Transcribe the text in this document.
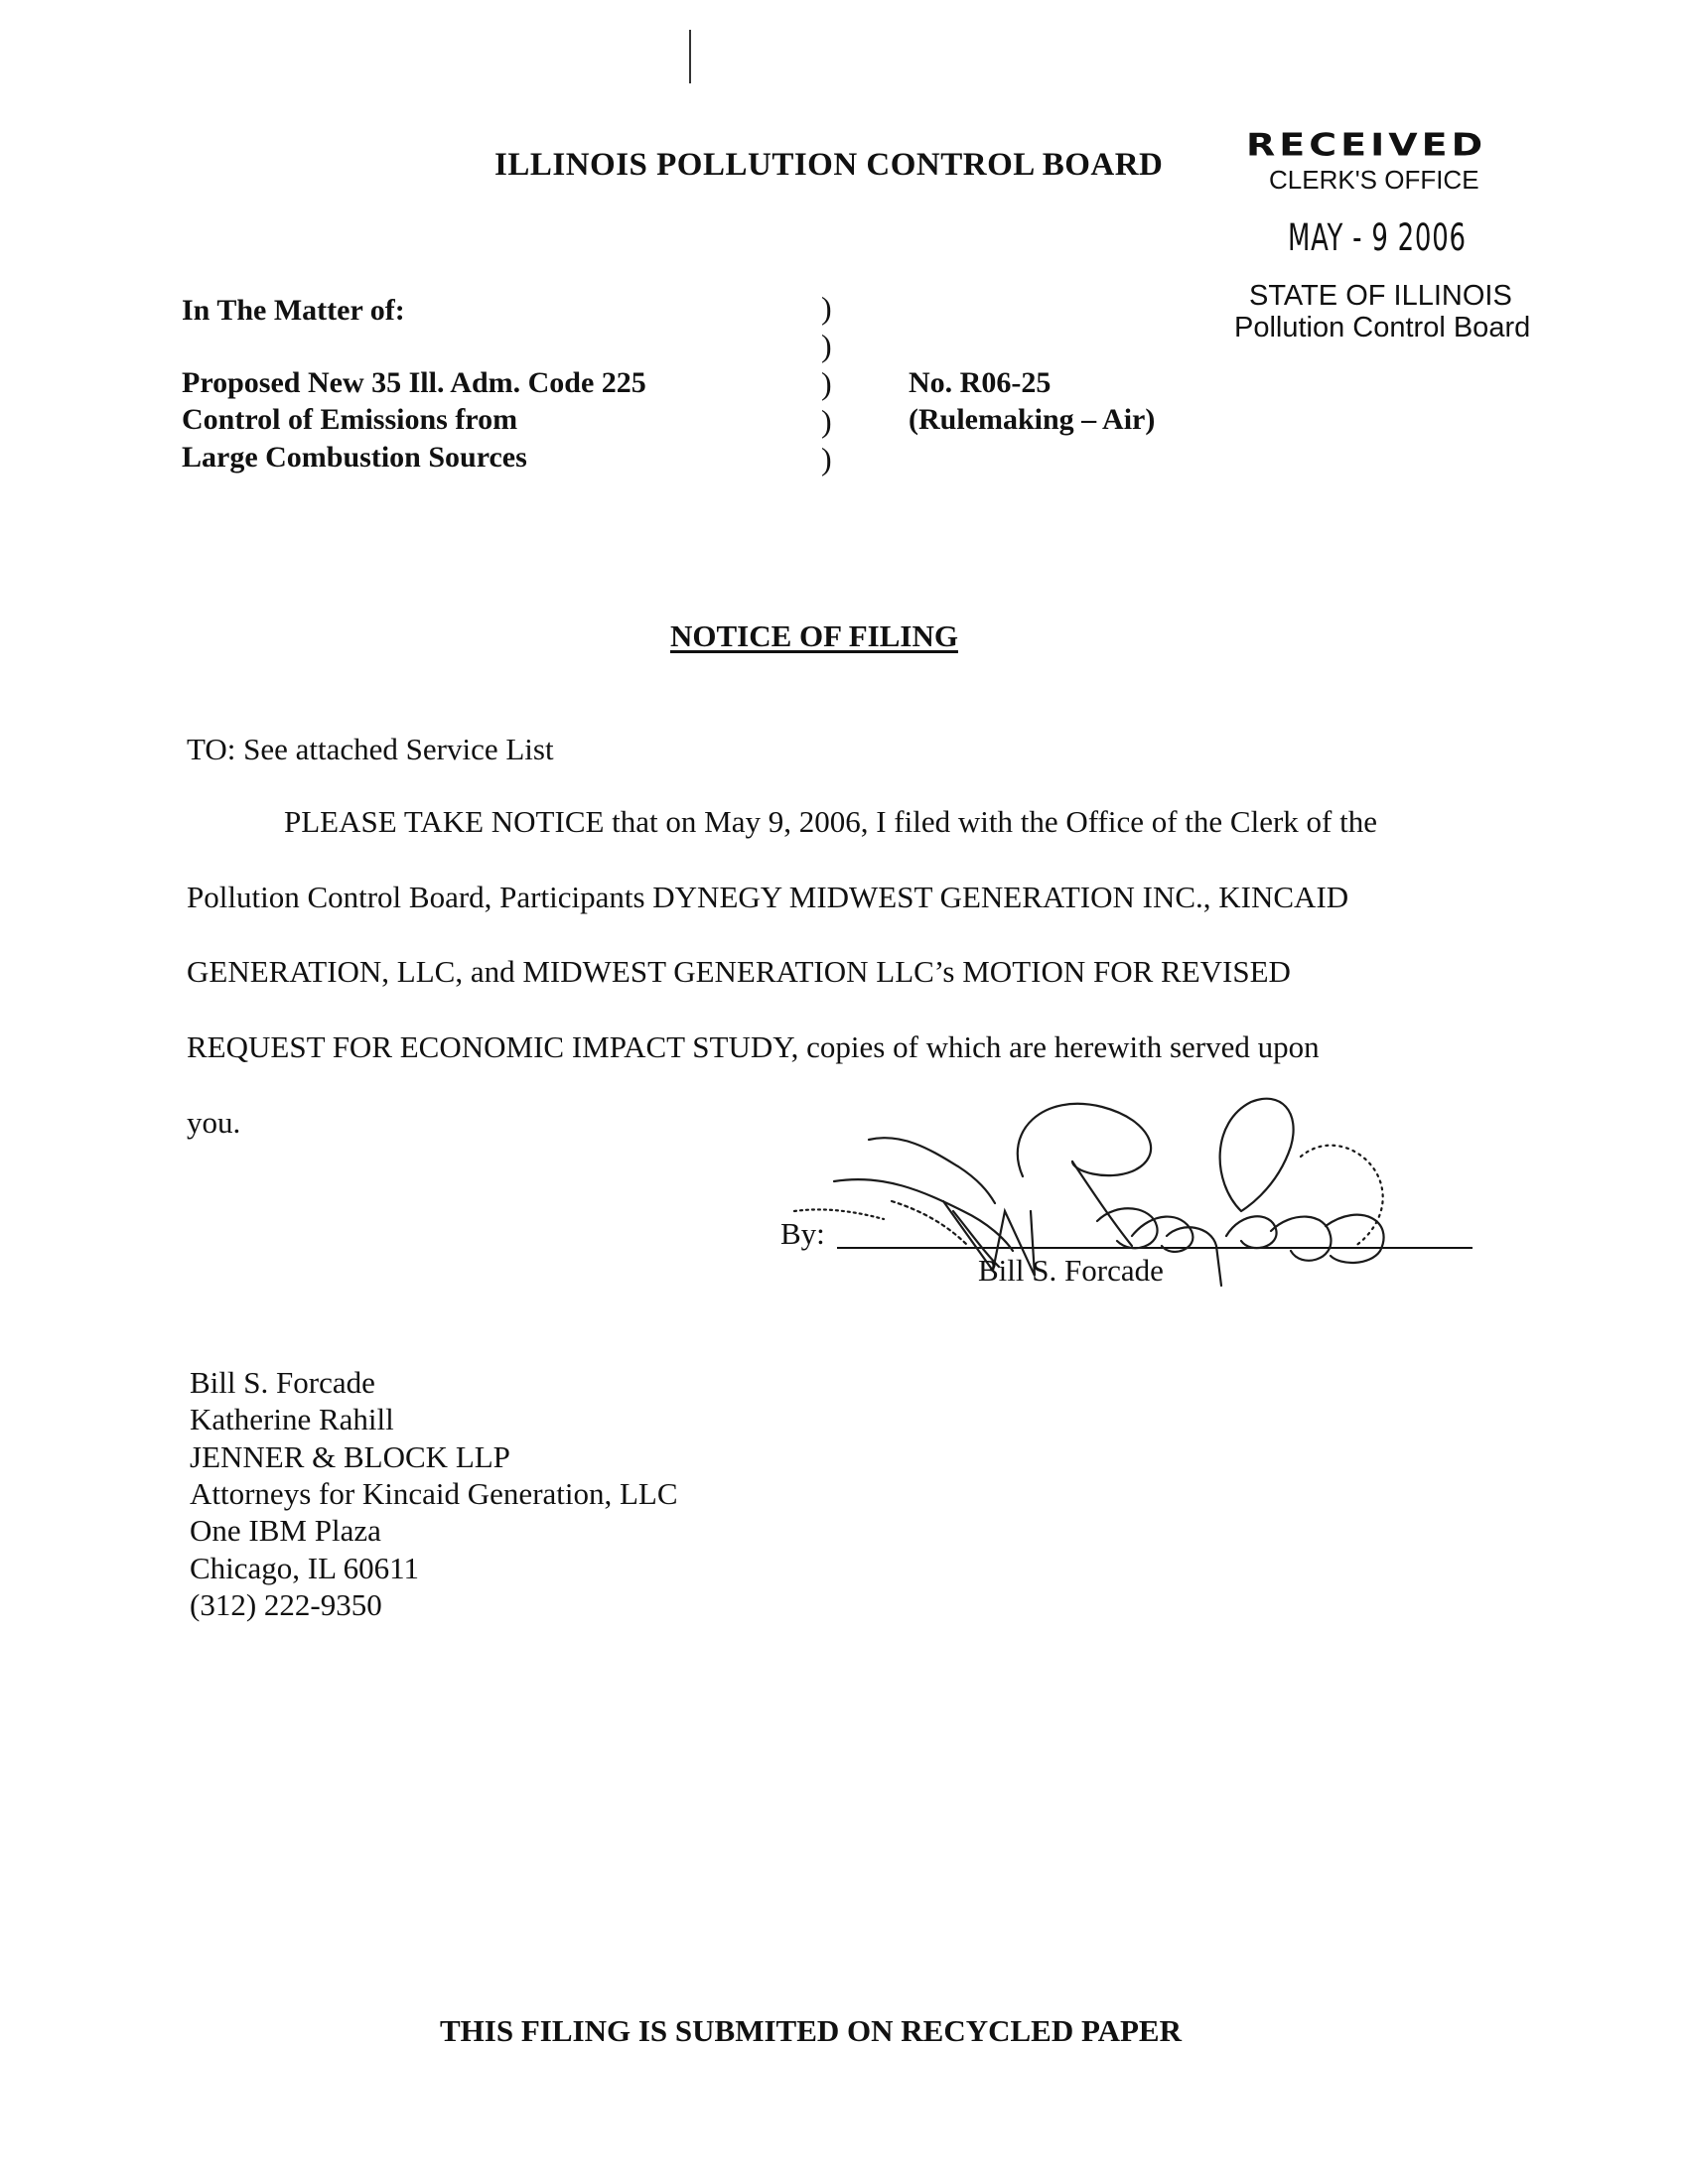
ILLINOIS POLLUTION CONTROL BOARD
RECEIVED
CLERK'S OFFICE
MAY - 9 2006
STATE OF ILLINOIS
Pollution Control Board
In The Matter of:
Proposed New 35 Ill. Adm. Code 225
Control of Emissions from
Large Combustion Sources
)
)
)
)
)
No. R06-25
(Rulemaking – Air)
NOTICE OF FILING
TO: See attached Service List
PLEASE TAKE NOTICE that on May 9, 2006, I filed with the Office of the Clerk of the
Pollution Control Board, Participants DYNEGY MIDWEST GENERATION INC., KINCAID
GENERATION, LLC, and MIDWEST GENERATION LLC’s MOTION FOR REVISED
REQUEST FOR ECONOMIC IMPACT STUDY, copies of which are herewith served upon
you.
By:
Bill S. Forcade
Bill S. Forcade
Katherine Rahill
JENNER & BLOCK LLP
Attorneys for Kincaid Generation, LLC
One IBM Plaza
Chicago, IL 60611
(312) 222-9350
THIS FILING IS SUBMITED ON RECYCLED PAPER
